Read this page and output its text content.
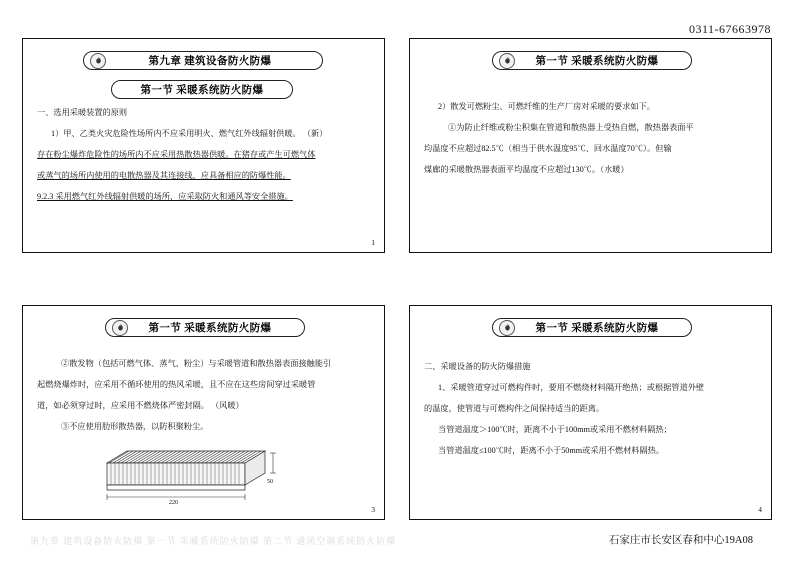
0311-67663978
第九章 建筑设备防火防爆
第一节 采暖系统防火防爆

一、选用采暖装置的原则

1）甲、乙类火灾危险性场所内不应采用明火、燃气红外线辐射供暖。 （新）

存在粉尘爆炸危险性的场所内不应采用热散热器供暖。在猪存或产生可燃气体

或蒸气的场所内使用的电散热器及其连接线，应具备相应的防爆性能。

9.2.3 采用燃气红外线辐射供暖的场所，应采取防火和通风等安全措施。

1
第一节 采暖系统防火防爆

2）散发可燃粉尘、可燃纤维的生产厂房对采暖的要求如下。

①为防止纤维或粉尘积集在管道和散热器上受热自燃，散热器表面平

均温度不应超过82.5℃（相当于供水温度95℃、回水温度70℃）。但输

煤廊的采暖散热器表面平均温度不应超过130℃。（水暖）

第一节 采暖系统防火防爆

②散发物（包括可燃气体、蒸气、粉尘）与采暖管道和散热器表面接触能引

起燃烧爆炸时，应采用不循环使用的热风采暖，且不应在这些房间穿过采暖管

道，如必须穿过时，应采用不燃烧体严密封隔。 （风暖）

③不应使用肋形散热器，以防积聚粉尘。

220
50
3
第一节 采暖系统防火防爆

二、采暖设备的防火防爆措施

1、采暖管道穿过可燃构件时，要用不燃烧材料隔开绝热；或根据管道外壁

的温度，使管道与可燃构件之间保持适当的距离。

当管道温度＞100℃时，距离不小于100mm或采用不燃材料隔热；

当管道温度≤100℃时，距离不小于50mm或采用不燃材料隔热。

4
第九章 建筑设备防火防爆 第一节 采暖系统防火防爆 第二节 通风空调系统防火防爆	石家庄市长安区春和中心19A08
